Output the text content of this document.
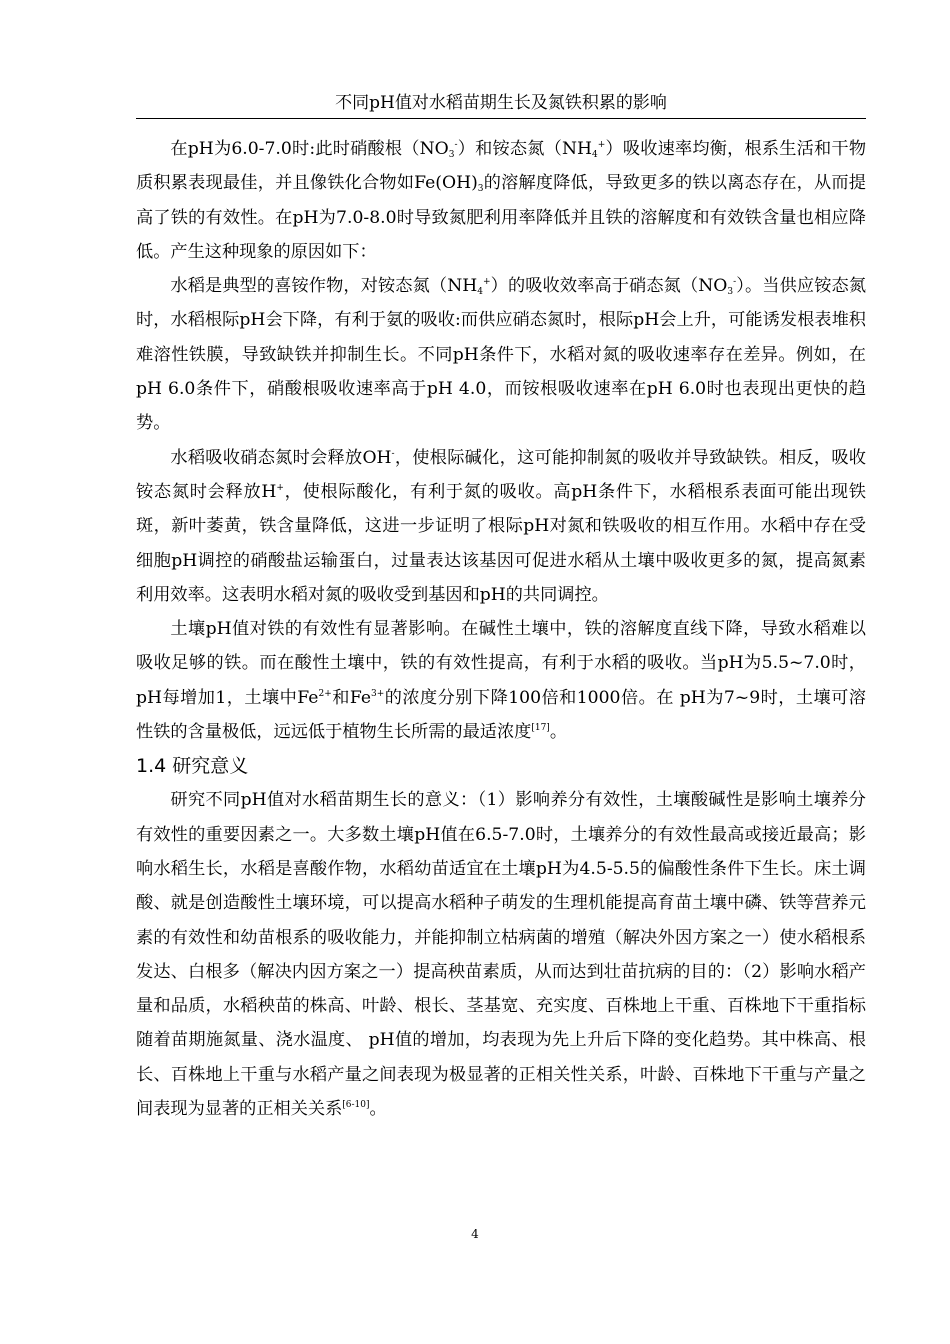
不同pH值对水稻苗期生长及氮铁积累的影响

在pH为6.0-7.0时:此时硝酸根$(NO_3^-)$和铵态氮$(NH_4^+)$吸收速率均衡，根系生活和干物质积累表现最佳，并且像铁化合物如$Fe(OH)_3$的溶解度降低，导致更多的铁以离态存在，从而提高了铁的有效性。在pH为7.0-8.0时导致氮肥利用率降低并且铁的溶解度和有效铁含量也相应降低。产生这种现象的原因如下：

水稻是典型的喜铵作物，对铵态氮$(NH_4^+)$的吸收效率高于硝态氮$(NO_3^-)$。当供应铵态氮时，水稻根际pH会下降，有利于氨的吸收:而供应硝态氮时，根际pH会上升，可能诱发根表堆积难溶性铁膜，导致缺铁并抑制生长。不同pH条件下，水稻对氮的吸收速率存在差异。例如，在pH 6.0条件下，硝酸根吸收速率高于pH 4.0，而铵根吸收速率在pH 6.0时也表现出更快的趋势。

水稻吸收硝态氮时会释放OH-，使根际碱化，这可能抑制氮的吸收并导致缺铁。相反，吸收铵态氮时会释放H+，使根际酸化，有利于氮的吸收。高pH条件下，水稻根系表面可能出现铁斑，新叶萎黄，铁含量降低，这进一步证明了根际pH对氮和铁吸收的相互作用。水稻中存在受细胞pH调控的硝酸盐运输蛋白，过量表达该基因可促进水稻从土壤中吸收更多的氮，提高氮素利用效率。这表明水稻对氮的吸收受到基因和pH的共同调控。

土壤pH值对铁的有效性有显著影响。在碱性土壤中，铁的溶解度直线下降，导致水稻难以吸收足够的铁。而在酸性土壤中，铁的有效性提高，有利于水稻的吸收。当pH为5.5~7.0时，pH每增加1，土壤中$Fe^{2+}$和$Fe^{3+}$的浓度分别下降100倍和1000倍。在 pH为7~9时，土壤可溶性铁的含量极低，远远低于植物生长所需的最适浓度[17]。

1.4 研究意义

研究不同pH值对水稻苗期生长的意义：（1）影响养分有效性，土壤酸碱性是影响土壤养分有效性的重要因素之一。大多数土壤pH值在6.5-7.0时，土壤养分的有效性最高或接近最高；影响水稻生长，水稻是喜酸作物，水稻幼苗适宜在土壤pH为4.5-5.5的偏酸性条件下生长。床土调酸、就是创造酸性土壤环境，可以提高水稻种子萌发的生理机能提高育苗土壤中磷、铁等营养元素的有效性和幼苗根系的吸收能力，并能抑制立枯病菌的增殖（解决外因方案之一）使水稻根系发达、白根多（解决内因方案之一）提高秧苗素质，从而达到壮苗抗病的目的：（2）影响水稻产量和品质，水稻秧苗的株高、叶龄、根长、茎基宽、充实度、百株地上干重、百株地下干重指标随着苗期施氮量、浇水温度、 pH值的增加，均表现为先上升后下降的变化趋势。其中株高、根长、百株地上干重与水稻产量之间表现为极显著的正相关性关系，叶龄、百株地下干重与产量之间表现为显著的正相关关系[6-10]。

4
